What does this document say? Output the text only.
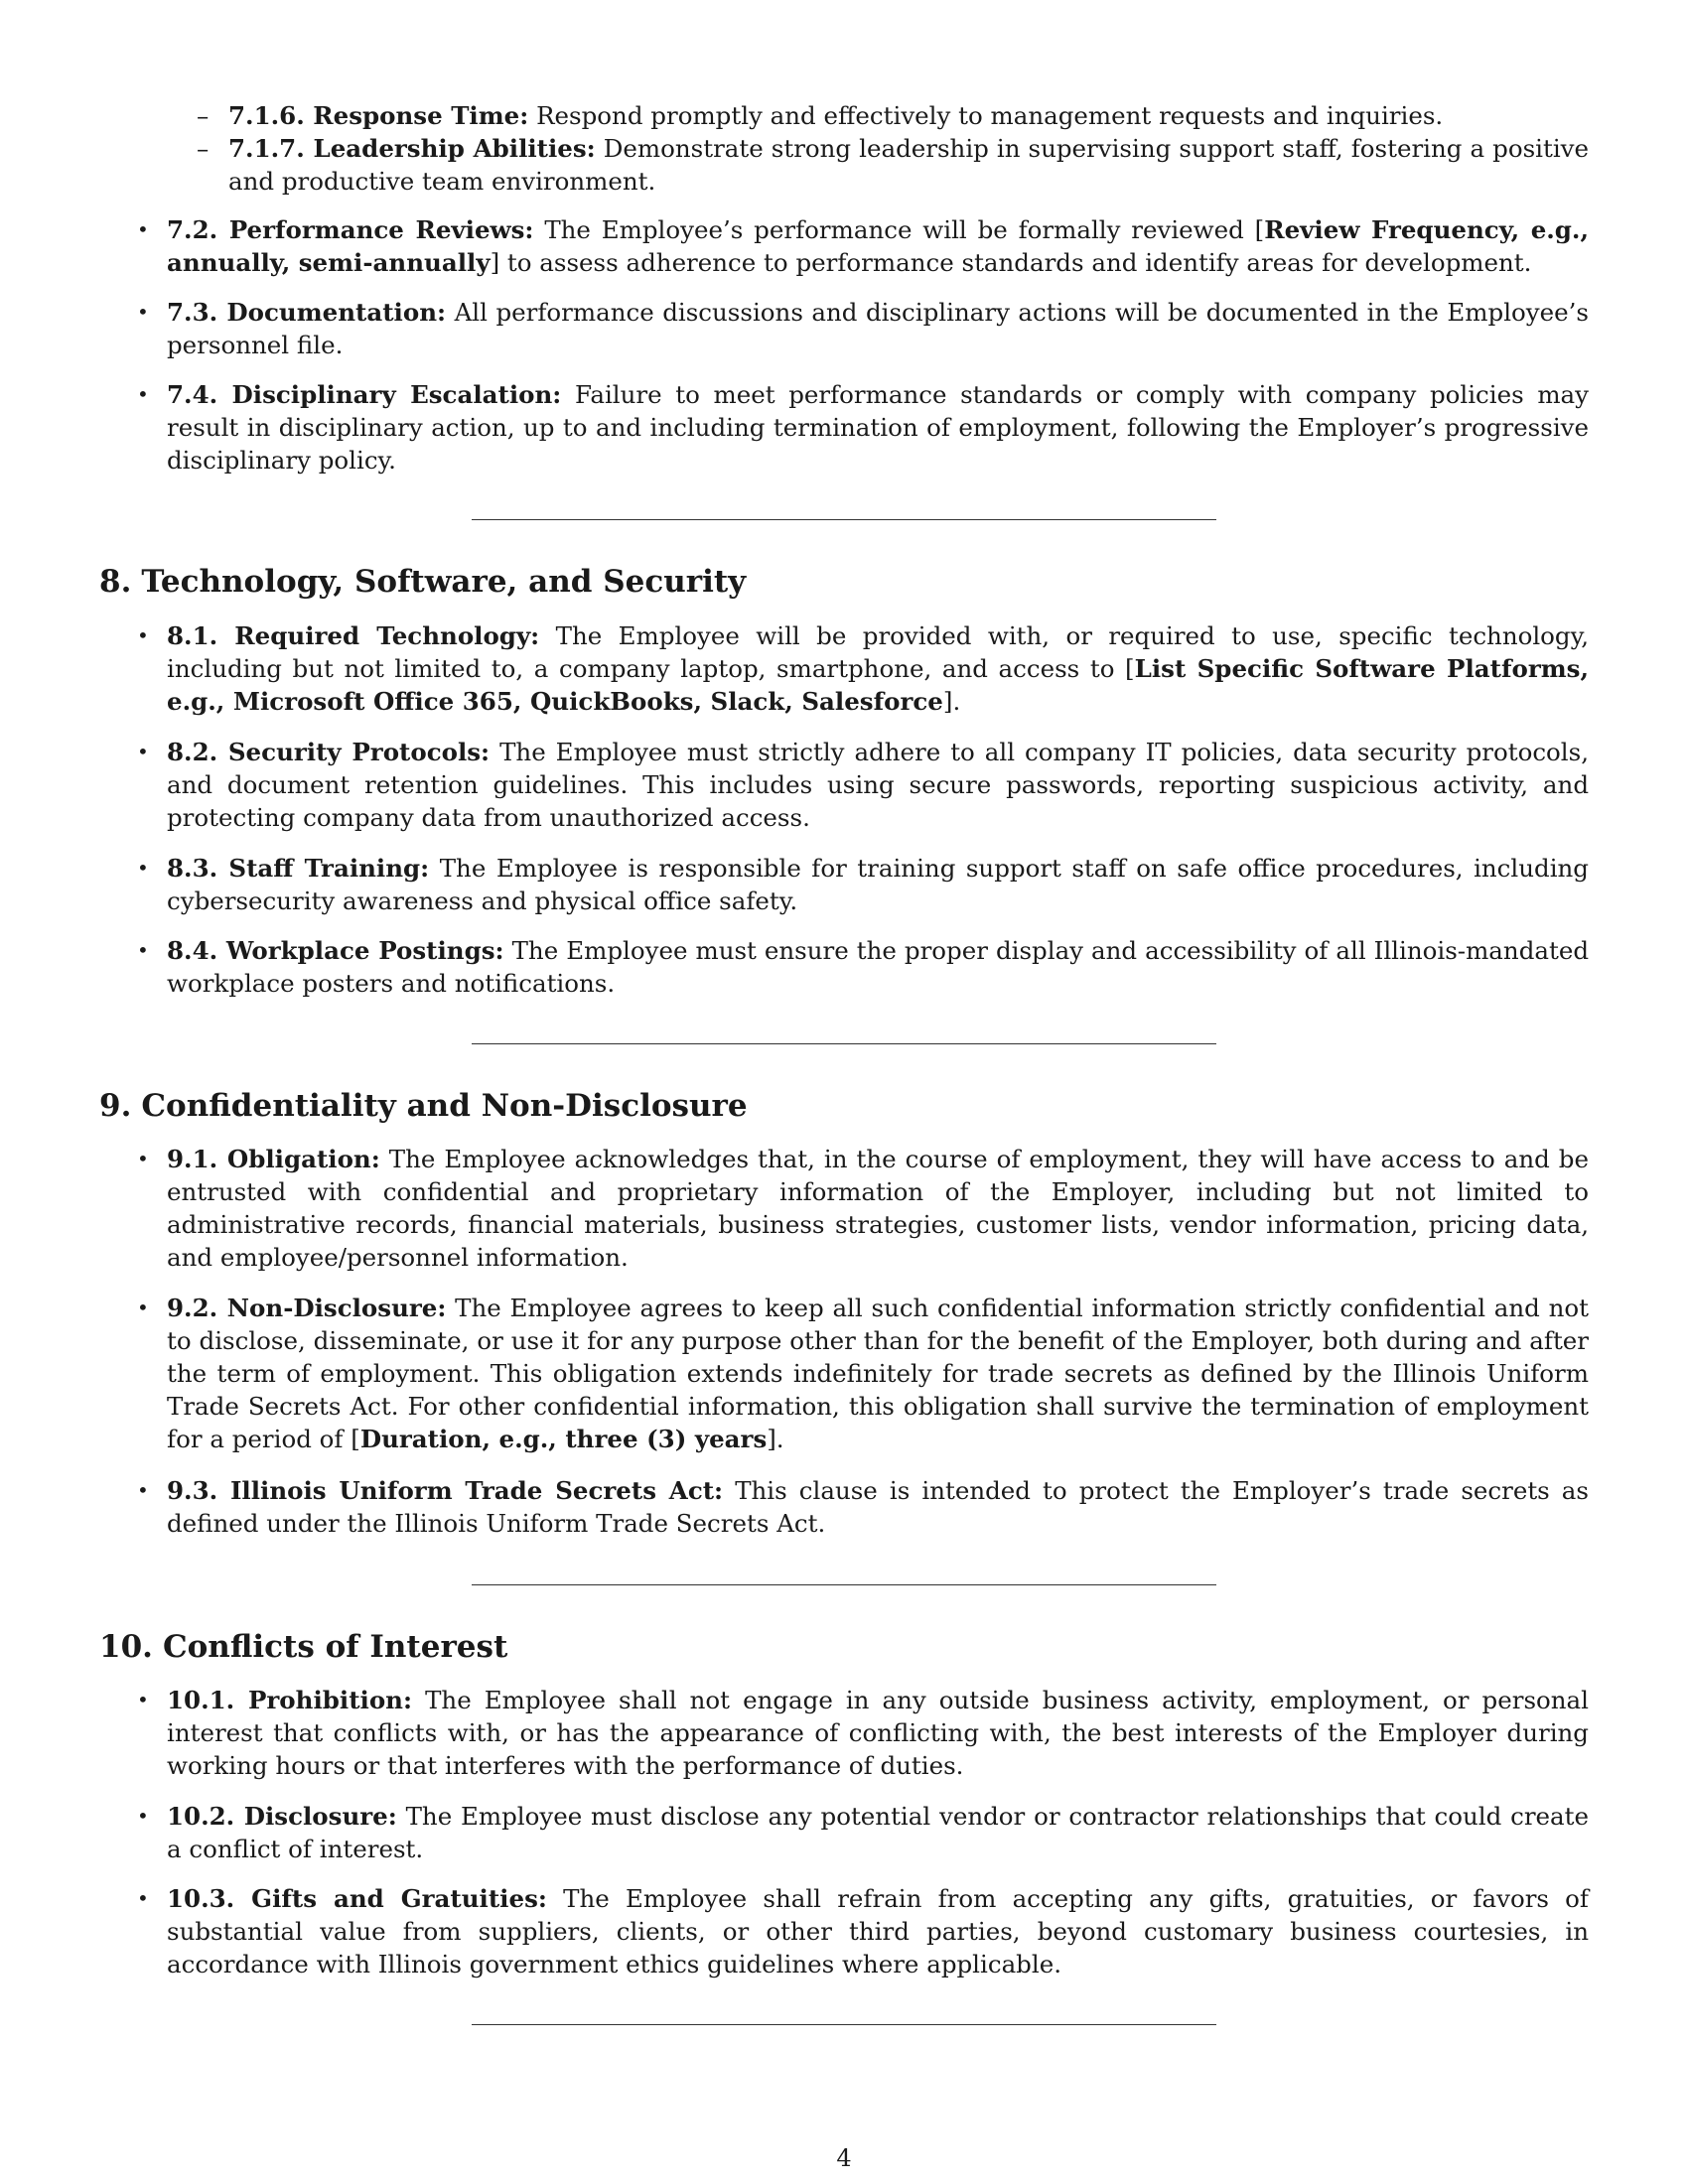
– 7.1.6. Response Time: Respond promptly and effectively to management requests and inquiries.
– 7.1.7. Leadership Abilities: Demonstrate strong leadership in supervising support staff, fostering a positive and productive team environment.
• 7.2. Performance Reviews: The Employee’s performance will be formally reviewed [Review Frequency, e.g., annually, semi-annually] to assess adherence to performance standards and identify areas for development.
• 7.3. Documentation: All performance discussions and disciplinary actions will be documented in the Employee’s personnel file.
• 7.4. Disciplinary Escalation: Failure to meet performance standards or comply with company policies may result in disciplinary action, up to and including termination of employment, following the Employer’s progressive disciplinary policy.
8. Technology, Software, and Security
• 8.1. Required Technology: The Employee will be provided with, or required to use, specific technology, including but not limited to, a company laptop, smartphone, and access to [List Specific Software Platforms, e.g., Microsoft Office 365, QuickBooks, Slack, Salesforce].
• 8.2. Security Protocols: The Employee must strictly adhere to all company IT policies, data security protocols, and document retention guidelines. This includes using secure passwords, reporting suspicious activity, and protecting company data from unauthorized access.
• 8.3. Staff Training: The Employee is responsible for training support staff on safe office procedures, including cybersecurity awareness and physical office safety.
• 8.4. Workplace Postings: The Employee must ensure the proper display and accessibility of all Illinois-mandated workplace posters and notifications.
9. Confidentiality and Non-Disclosure
• 9.1. Obligation: The Employee acknowledges that, in the course of employment, they will have access to and be entrusted with confidential and proprietary information of the Employer, including but not limited to administrative records, financial materials, business strategies, customer lists, vendor information, pricing data, and employee/personnel information.
• 9.2. Non-Disclosure: The Employee agrees to keep all such confidential information strictly confidential and not to disclose, disseminate, or use it for any purpose other than for the benefit of the Employer, both during and after the term of employment. This obligation extends indefinitely for trade secrets as defined by the Illinois Uniform Trade Secrets Act. For other confidential information, this obligation shall survive the termination of employment for a period of [Duration, e.g., three (3) years].
• 9.3. Illinois Uniform Trade Secrets Act: This clause is intended to protect the Employer’s trade secrets as defined under the Illinois Uniform Trade Secrets Act.
10. Conflicts of Interest
• 10.1. Prohibition: The Employee shall not engage in any outside business activity, employment, or personal interest that conflicts with, or has the appearance of conflicting with, the best interests of the Employer during working hours or that interferes with the performance of duties.
• 10.2. Disclosure: The Employee must disclose any potential vendor or contractor relationships that could create a conflict of interest.
• 10.3. Gifts and Gratuities: The Employee shall refrain from accepting any gifts, gratuities, or favors of substantial value from suppliers, clients, or other third parties, beyond customary business courtesies, in accordance with Illinois government ethics guidelines where applicable.
4
